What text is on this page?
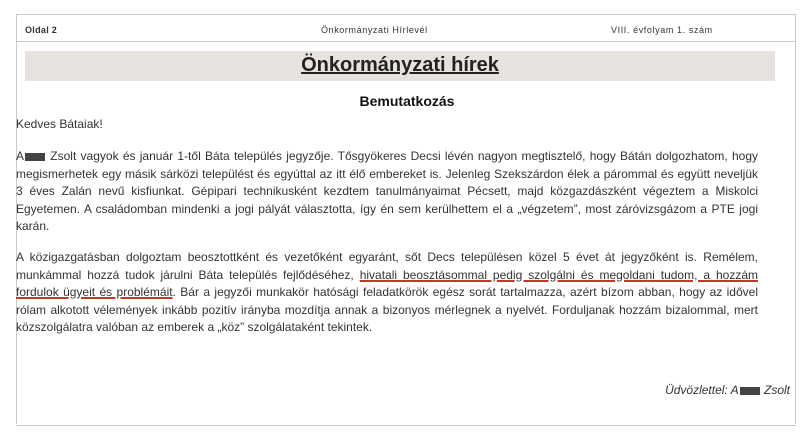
Oldal 2	Önkormányzati Hírlevél	VIII. évfolyam 1. szám
Önkormányzati hírek
Bemutatkozás
Kedves Bátaiak!

A Zsolt vagyok és január 1-től Báta település jegyzője. Tősgyökeres Decsi lévén nagyon megtisztelő, hogy Bátán dolgozhatom, hogy megismerhetek egy másik sárközi települést és egyúttal az itt élő embereket is. Jelenleg Szekszárdon élek a párommal és együtt neveljük 3 éves Zalán nevű kisfiunkat. Gépipari technikusként kezdtem tanulmányaimat Pécsett, majd közgazdászként végeztem a Miskolci Egyetemen. A családomban mindenki a jogi pályát választotta, így én sem kerülhettem el a „végzetem”, most záróvizsgázom a PTE jogi karán.

A közigazgatásban dolgoztam beosztottként és vezetőként egyaránt, sőt Decs településen közel 5 évet át jegyzőként is. Remélem, munkámmal hozzá tudok járulni Báta település fejlődéséhez, hivatali beosztásommal pedig szolgálni és megoldani tudom, a hozzám fordulok ügyeit és problémáit. Bár a jegyzői munkakör hatósági feladatkörök egész sorát tartalmazza, azért bízom abban, hogy az idővel rólam alkotott vélemények inkább pozitív irányba mozdítja annak a bizonyos mérlegnek a nyelvét. Forduljanak hozzám bizalommal, mert közszolgálatra valóban az emberek a „köz” szolgálataként tekintek.

Üdvözlettel: A Zsolt
